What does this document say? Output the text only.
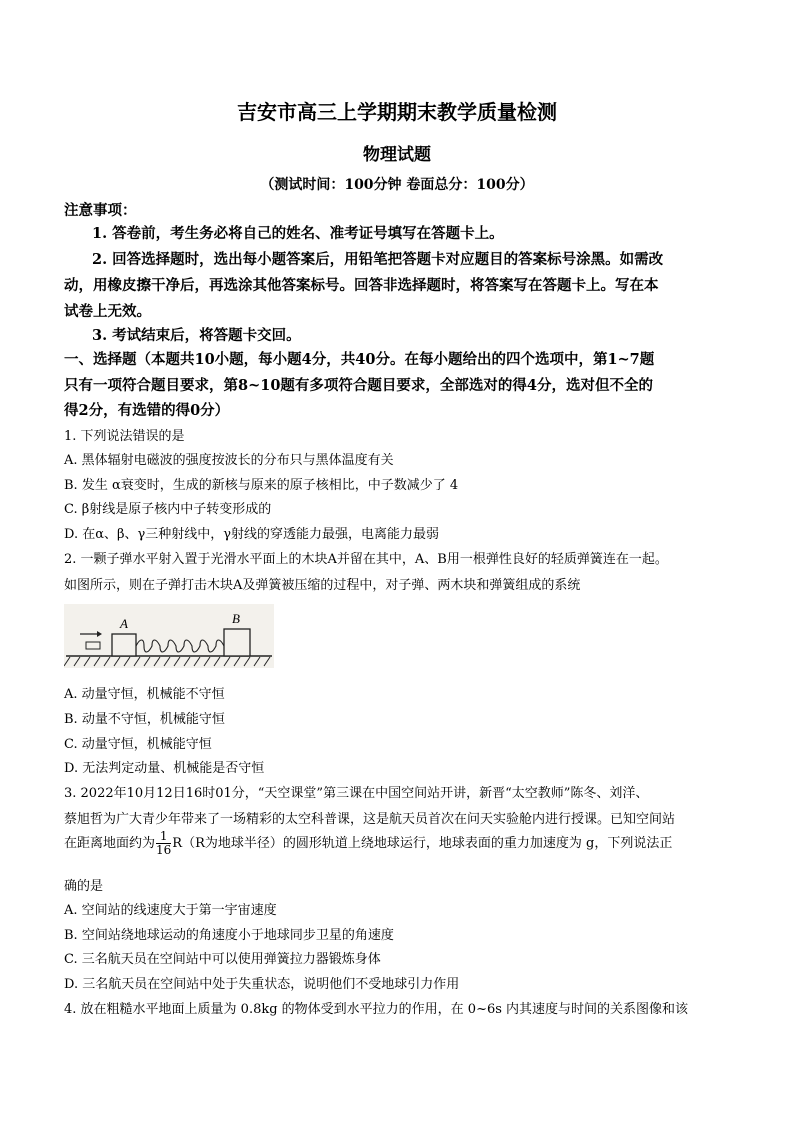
吉安市高三上学期期末教学质量检测
物理试题
（测试时间：100分钟 卷面总分：100分）
注意事项：
1. 答卷前，考生务必将自己的姓名、准考证号填写在答题卡上。
2. 回答选择题时，选出每小题答案后，用铅笔把答题卡对应题目的答案标号涂黑。如需改
动，用橡皮擦干净后，再选涂其他答案标号。回答非选择题时，将答案写在答题卡上。写在本
试卷上无效。
3. 考试结束后，将答题卡交回。
一、选择题（本题共10小题，每小题4分，共40分。在每小题给出的四个选项中，第1~7题
只有一项符合题目要求，第8~10题有多项符合题目要求，全部选对的得4分，选对但不全的
得2分，有选错的得0分）
1. 下列说法错误的是
A. 黑体辐射电磁波的强度按波长的分布只与黑体温度有关
B. 发生 α衰变时，生成的新核与原来的原子核相比，中子数减少了 4
C. β射线是原子核内中子转变形成的
D. 在α、β、γ三种射线中，γ射线的穿透能力最强，电离能力最弱
2. 一颗子弹水平射入置于光滑水平面上的木块A并留在其中，A、B用一根弹性良好的轻质弹簧连在一起。
如图所示，则在子弹打击木块A及弹簧被压缩的过程中，对子弹、两木块和弹簧组成的系统
A	B
A. 动量守恒，机械能不守恒
B. 动量不守恒，机械能守恒
C. 动量守恒，机械能守恒
D. 无法判定动量、机械能是否守恒
3. 2022年10月12日16时01分，“天空课堂”第三课在中国空间站开讲，新晋“太空教师”陈冬、刘洋、
蔡旭哲为广大青少年带来了一场精彩的太空科普课，这是航天员首次在问天实验舱内进行授课。已知空间站
在距离地面约为 $\frac{1}{16} R(R$为地球半径）的圆形轨道上绕地球运行，地球表面的重力加速度为 g，下列说法正
确的是
A. 空间站的线速度大于第一宇宙速度
B. 空间站绕地球运动的角速度小于地球同步卫星的角速度
C. 三名航天员在空间站中可以使用弹簧拉力器锻炼身体
D. 三名航天员在空间站中处于失重状态，说明他们不受地球引力作用
4. 放在粗糙水平地面上质量为 0.8kg 的物体受到水平拉力的作用，在 0~6s 内其速度与时间的关系图像和该
